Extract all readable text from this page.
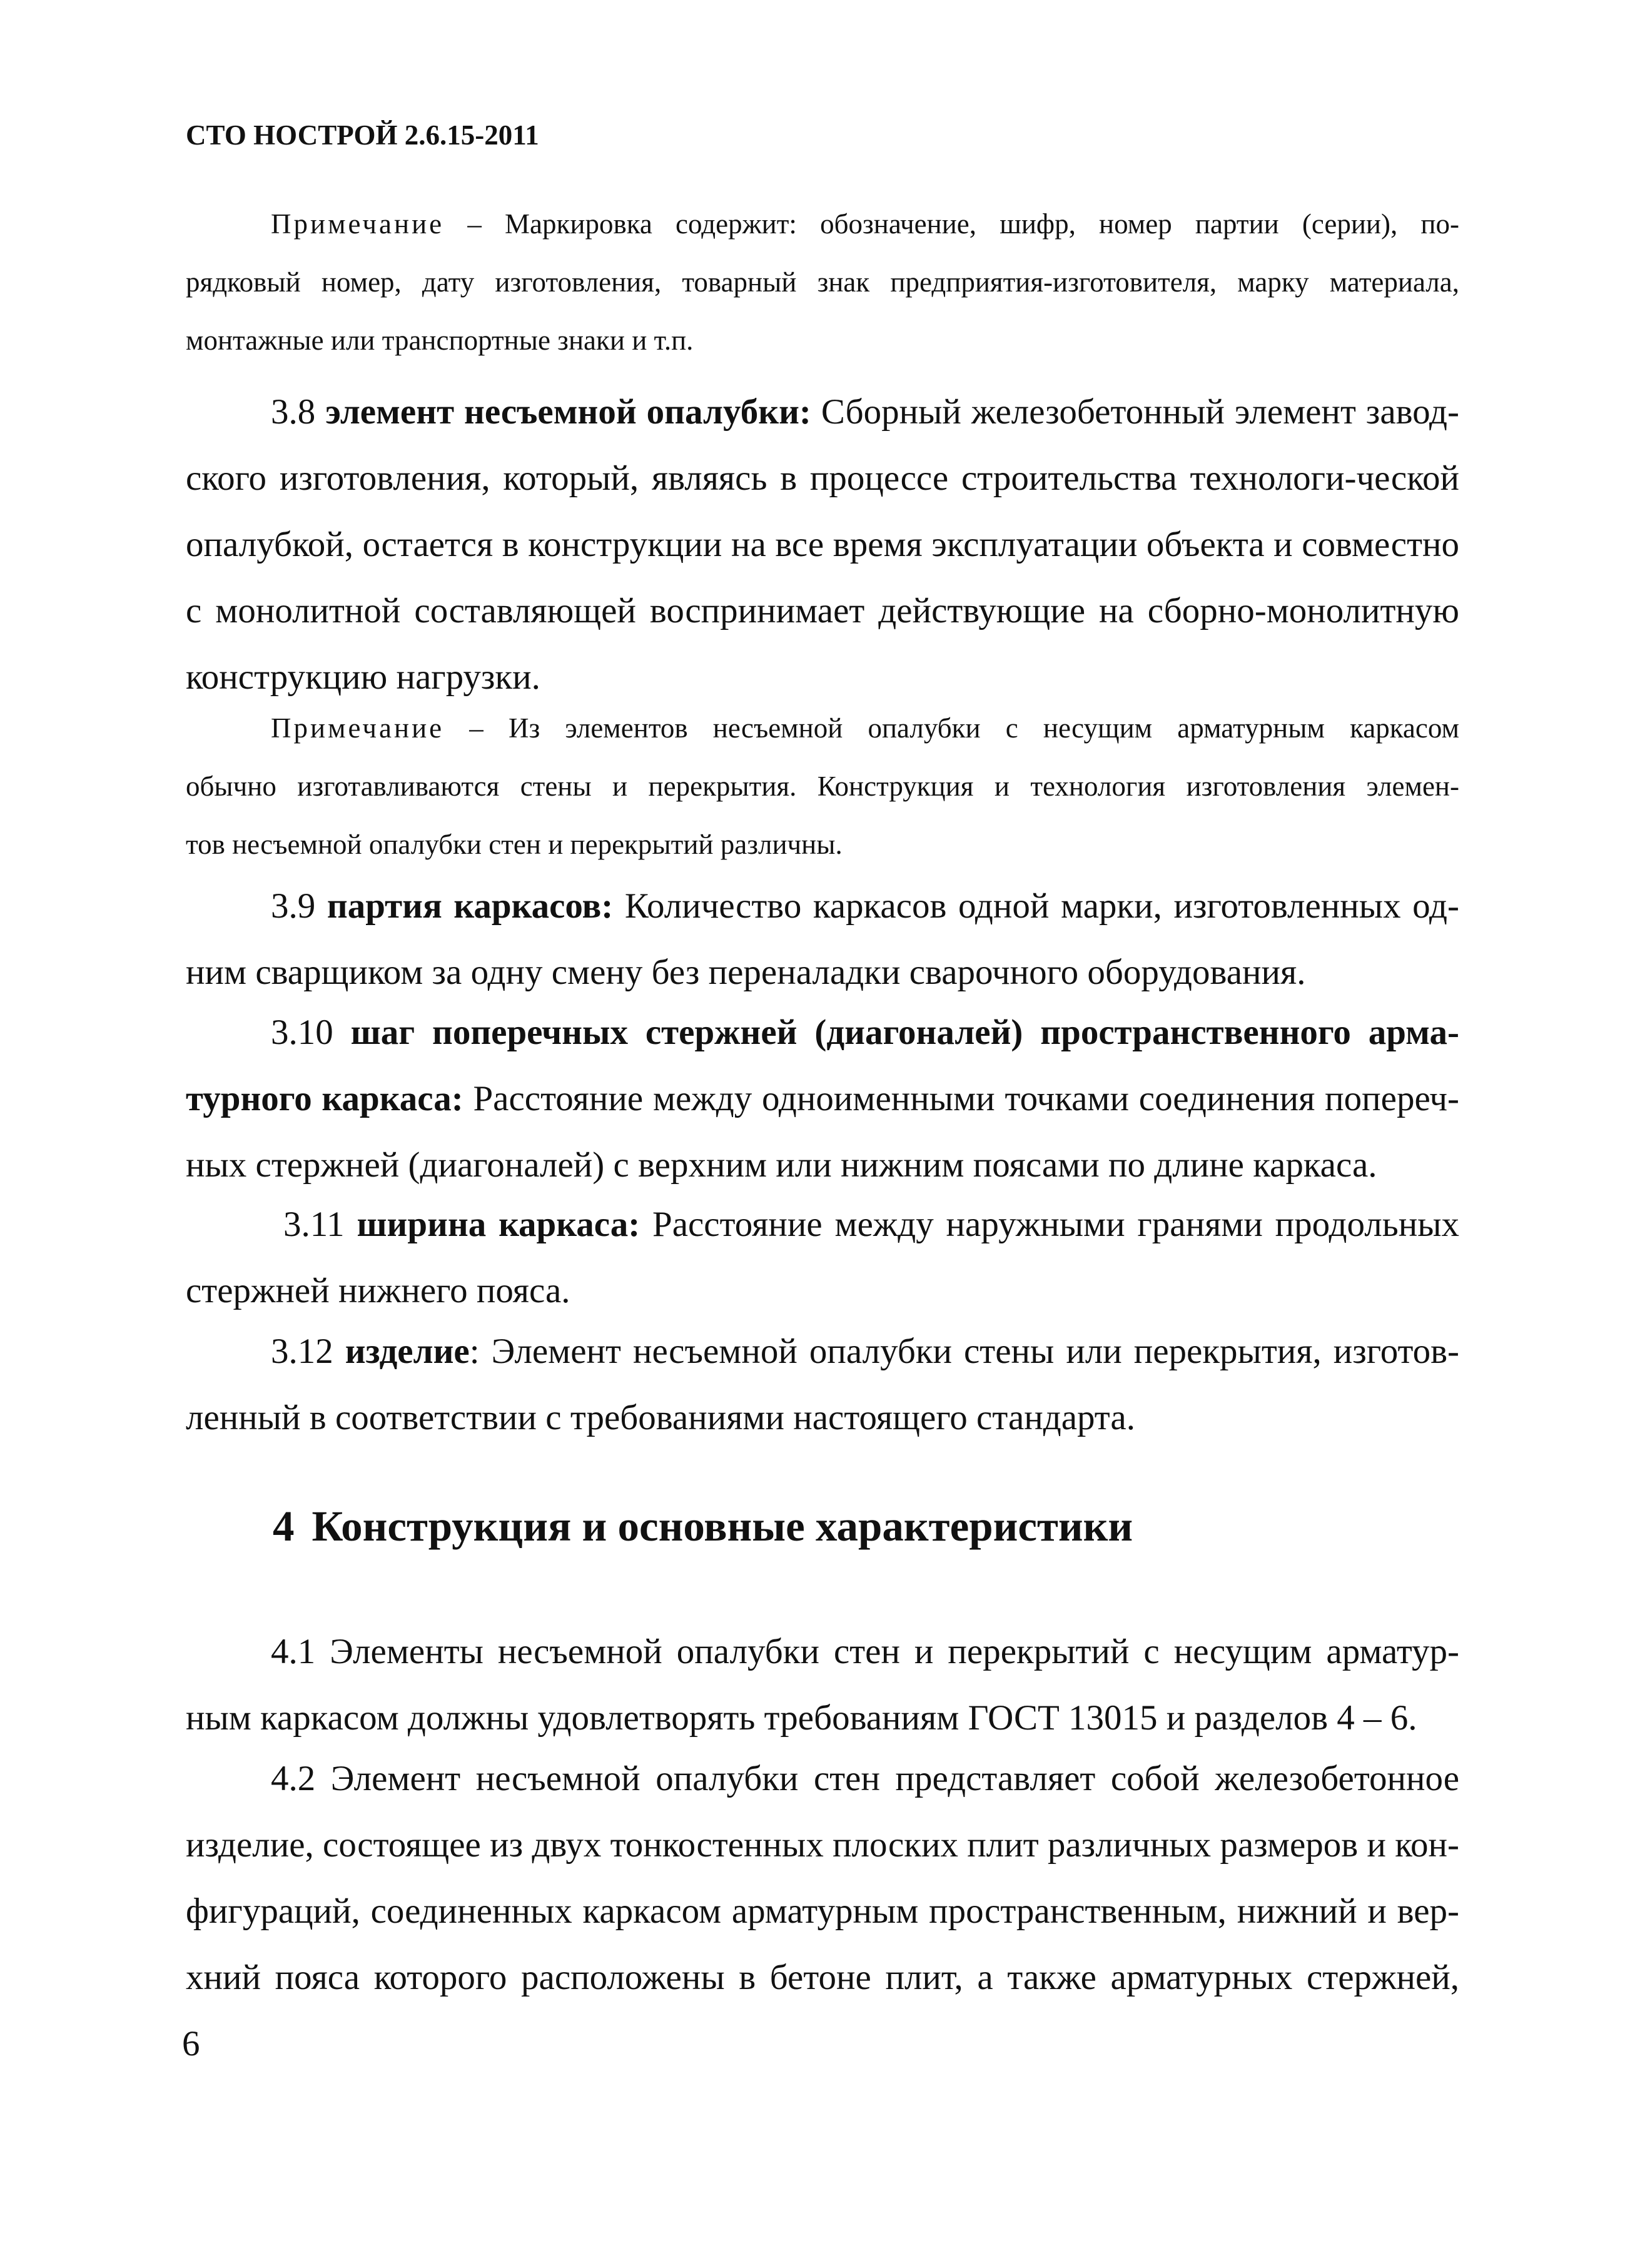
СТО НОСТРОЙ 2.6.15-2011
Примечание – Маркировка содержит: обозначение, шифр, номер партии (серии), по-
рядковый номер, дату изготовления, товарный знак предприятия-изготовителя, марку материала,
монтажные или транспортные знаки и т.п.
3.8 элемент несъемной опалубки: Сборный железобетонный элемент завод-
ского изготовления, который, являясь в процессе строительства технологи-ческой
опалубкой, остается в конструкции на все время эксплуатации объекта и совместно
с монолитной составляющей воспринимает действующие на сборно-монолитную
конструкцию нагрузки.
Примечание – Из элементов несъемной опалубки с несущим арматурным каркасом
обычно изготавливаются стены и перекрытия. Конструкция и технология изготовления элемен-
тов несъемной опалубки стен и перекрытий различны.
3.9 партия каркасов: Количество каркасов одной марки, изготовленных од-
ним сварщиком за одну смену без переналадки сварочного оборудования.
3.10 шаг поперечных стержней (диагоналей) пространственного арма-
турного каркаса: Расстояние между одноименными точками соединения попереч-
ных стержней (диагоналей) с верхним или нижним поясами по длине каркаса.
3.11 ширина каркаса: Расстояние между наружными гранями продольных
стержней нижнего пояса.
3.12 изделие: Элемент несъемной опалубки стены или перекрытия, изготов-
ленный в соответствии с требованиями настоящего стандарта.
4 Конструкция и основные характеристики
4.1 Элементы несъемной опалубки стен и перекрытий с несущим арматур-
ным каркасом должны удовлетворять требованиям ГОСТ 13015 и разделов 4 – 6.
4.2 Элемент несъемной опалубки стен представляет собой железобетонное
изделие, состоящее из двух тонкостенных плоских плит различных размеров и кон-
фигураций, соединенных каркасом арматурным пространственным, нижний и вер-
хний пояса которого расположены в бетоне плит, а также арматурных стержней,
6
